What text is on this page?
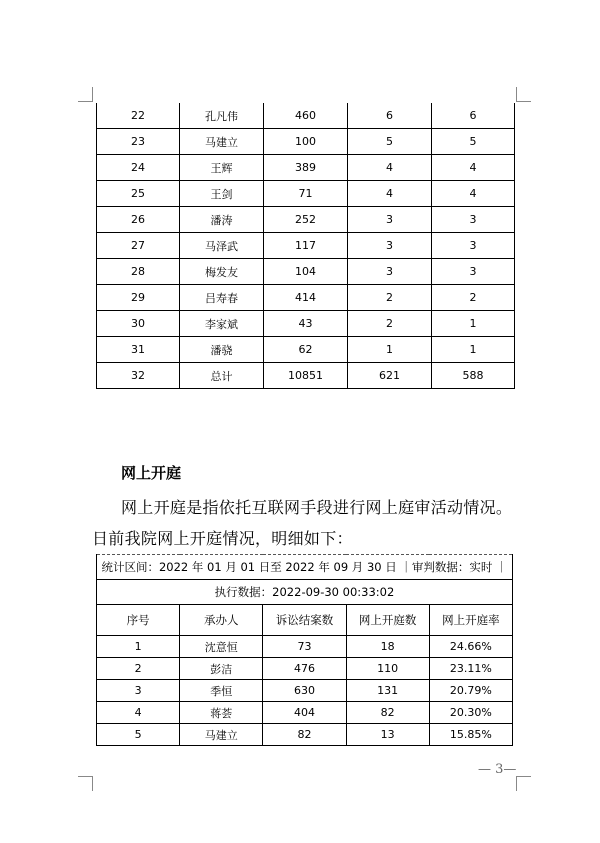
22	孔凡伟	460	6	6
23	马建立	100	5	5
24	王辉	389	4	4
25	王剑	71	4	4
26	潘涛	252	3	3
27	马泽武	117	3	3
28	梅发友	104	3	3
29	吕寿春	414	2	2
30	李家斌	43	2	1
31	潘骁	62	1	1
32	总计	10851	621	588
网上开庭
网上开庭是指依托互联网手段进行网上庭审活动情况。
日前我院网上开庭情况，明细如下：
统计区间：2022 年 01 月 01 日至 2022 年 09 月 30 日 ｜审判数据：实时 ｜				
执行数据：2022-09-30 00:33:02				
序号	承办人	诉讼结案数	网上开庭数	网上开庭率
1	沈意恒	73	18	24.66%
2	彭洁	476	110	23.11%
3	季恒	630	131	20.79%
4	蒋荟	404	82	20.30%
5	马建立	82	13	15.85%
— 3—
